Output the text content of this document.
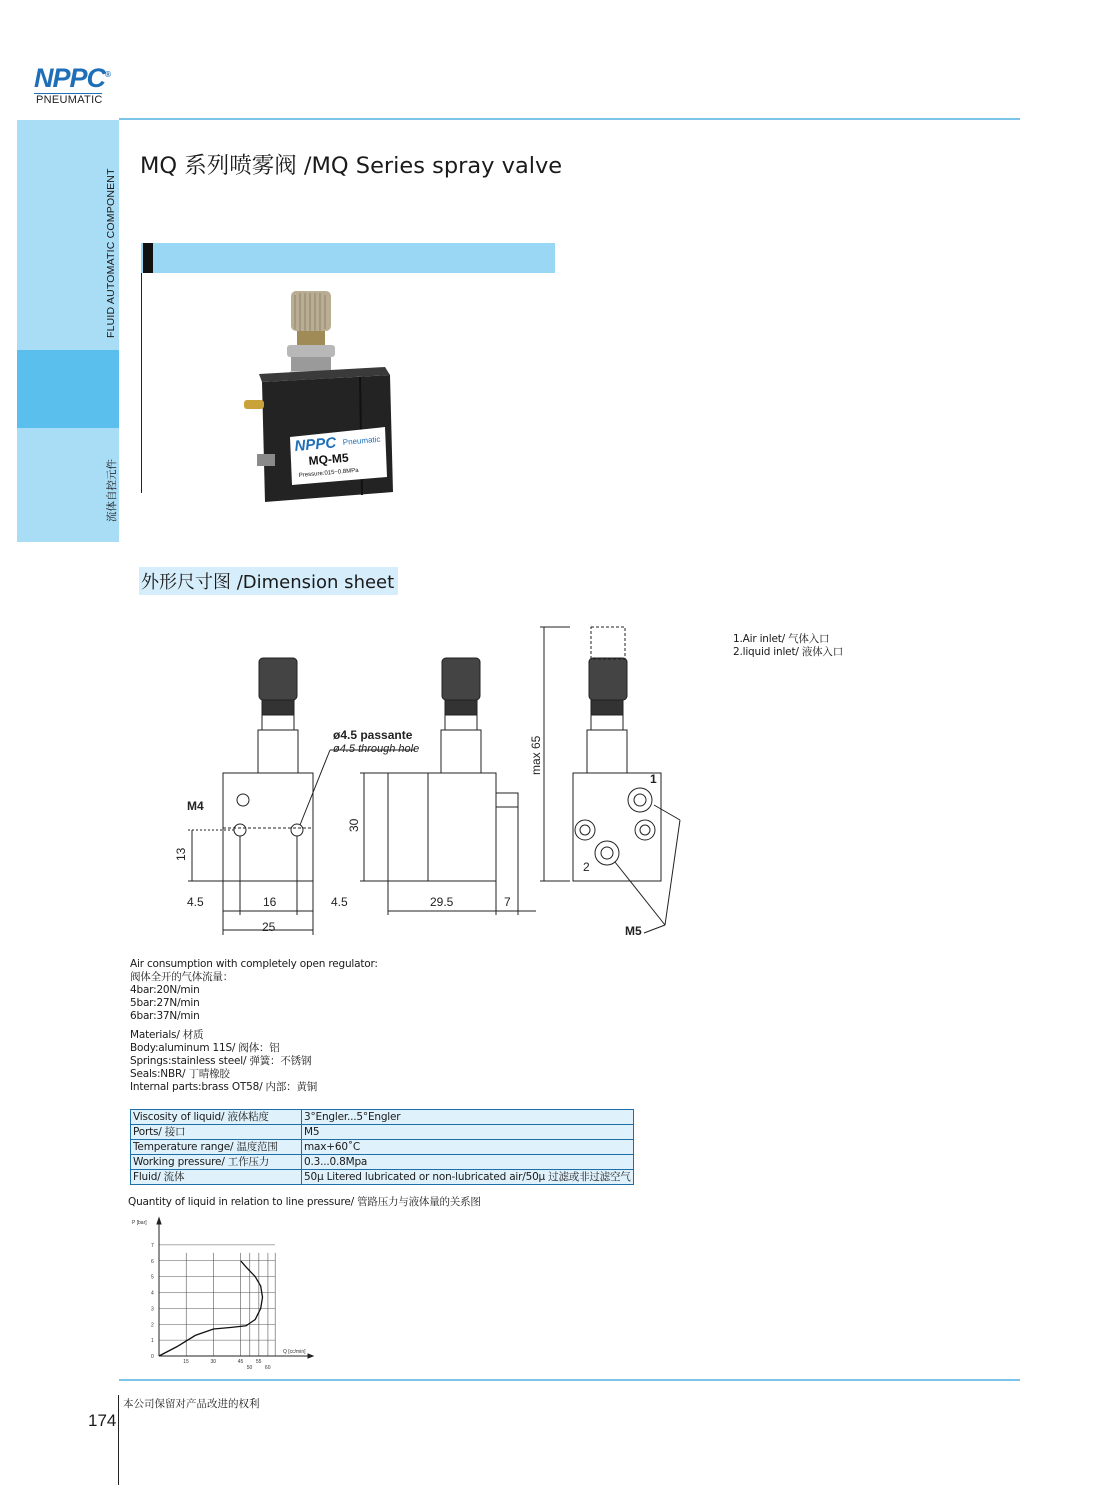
NPPC®
PNEUMATIC
FLUID AUTOMATIC COMPONENT
流体自控元件
MQ 系列喷雾阀 /MQ Series spray valve
NPPC Pneumatic
MQ-M5
Pressure:015~0.8MPa
外形尺寸图 /Dimension sheet
ø4.5 passante
ø4.5 through hole
M4
13
30
max 65
4.5	16	4.5
25
29.5	7
1
2
M5
1.Air inlet/ 气体入口
2.liquid inlet/ 液体入口
Air consumption with completely open regulator:
阀体全开的气体流量：
4bar:20N/min
5bar:27N/min
6bar:37N/min
Materials/ 材质
Body:aluminum 11S/ 阀体：铝
Springs:stainless steel/ 弹簧：不锈钢
Seals:NBR/ 丁晴橡胶
Internal parts:brass OT58/ 内部：黄铜
Viscosity of liquid/ 液体粘度	3°Engler...5°Engler
Ports/ 接口	M5
Temperature range/ 温度范围	max+60˚C
Working pressure/ 工作压力	0.3...0.8Mpa
Fluid/ 流体	50μ Litered lubricated or non-lubricated air/50μ 过滤或非过滤空气
Quantity of liquid in relation to line pressure/ 管路压力与液体量的关系图
0
1
2
3
4
5
6
7
15	30	45	55
50	60
P [bar]
Q [cc/min]
174
本公司保留对产品改进的权利
